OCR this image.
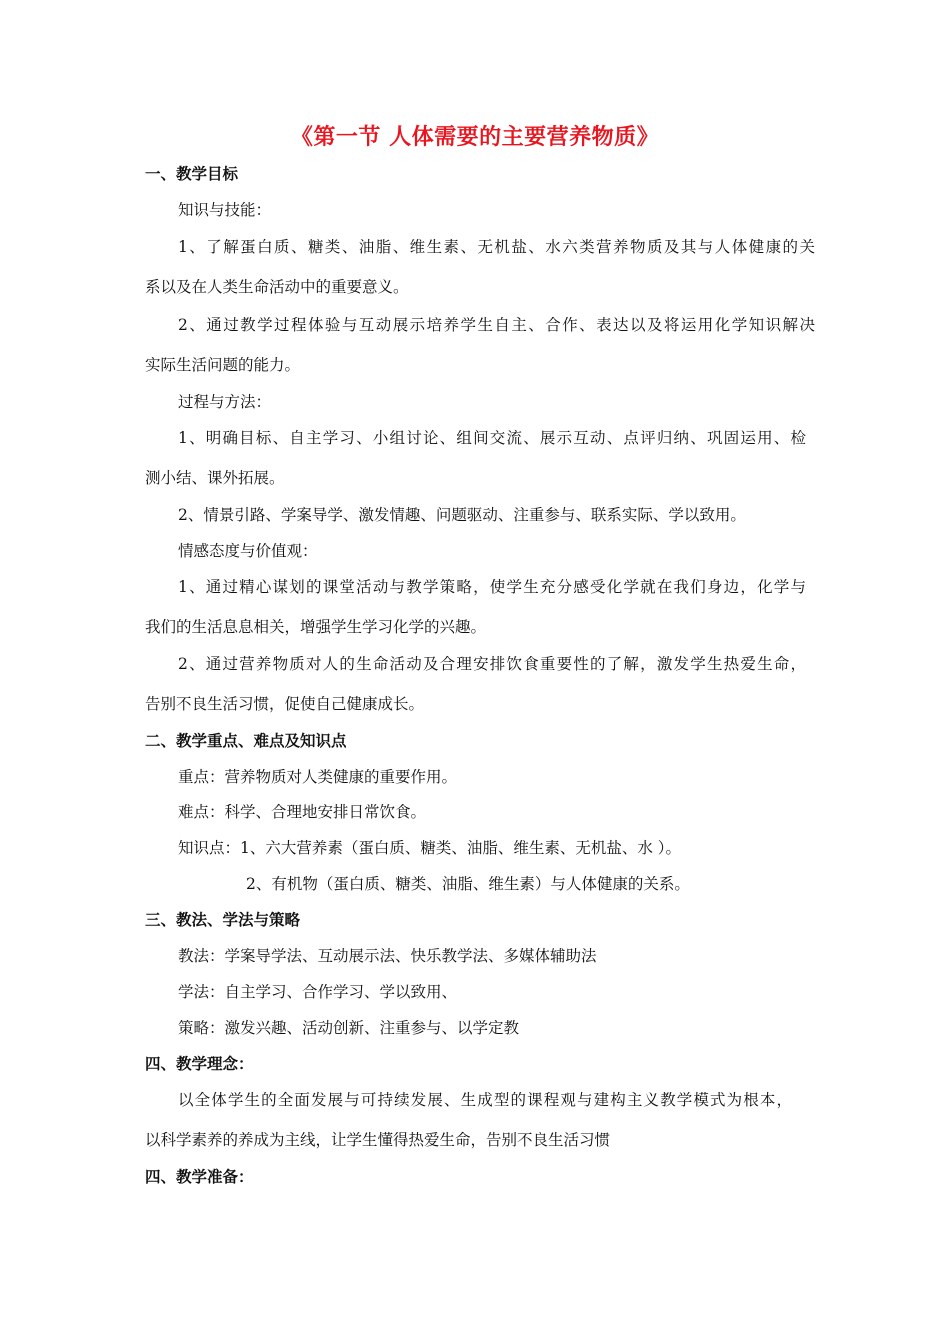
《第一节 人体需要的主要营养物质》
一、教学目标
知识与技能：
1、了解蛋白质、糖类、油脂、维生素、无机盐、水六类营养物质及其与人体健康的关
系以及在人类生命活动中的重要意义。
2、通过教学过程体验与互动展示培养学生自主、合作、表达以及将运用化学知识解决
实际生活问题的能力。
过程与方法：
1、明确目标、自主学习、小组讨论、组间交流、展示互动、点评归纳、巩固运用、检
测小结、课外拓展。
2、情景引路、学案导学、激发情趣、问题驱动、注重参与、联系实际、学以致用。
情感态度与价值观：
1、通过精心谋划的课堂活动与教学策略，使学生充分感受化学就在我们身边，化学与
我们的生活息息相关，增强学生学习化学的兴趣。
2、通过营养物质对人的生命活动及合理安排饮食重要性的了解，激发学生热爱生命，
告别不良生活习惯，促使自己健康成长。
二、教学重点、难点及知识点
重点：营养物质对人类健康的重要作用。
难点：科学、合理地安排日常饮食。
知识点：1、六大营养素（蛋白质、糖类、油脂、维生素、无机盐、水 ）。
2、有机物（蛋白质、糖类、油脂、维生素）与人体健康的关系。
三、教法、学法与策略
教法：学案导学法、互动展示法、快乐教学法、多媒体辅助法
学法：自主学习、合作学习、学以致用、
策略：激发兴趣、活动创新、注重参与、以学定教
四、教学理念：
以全体学生的全面发展与可持续发展、生成型的课程观与建构主义教学模式为根本，
以科学素养的养成为主线，让学生懂得热爱生命，告别不良生活习惯
四、教学准备：
